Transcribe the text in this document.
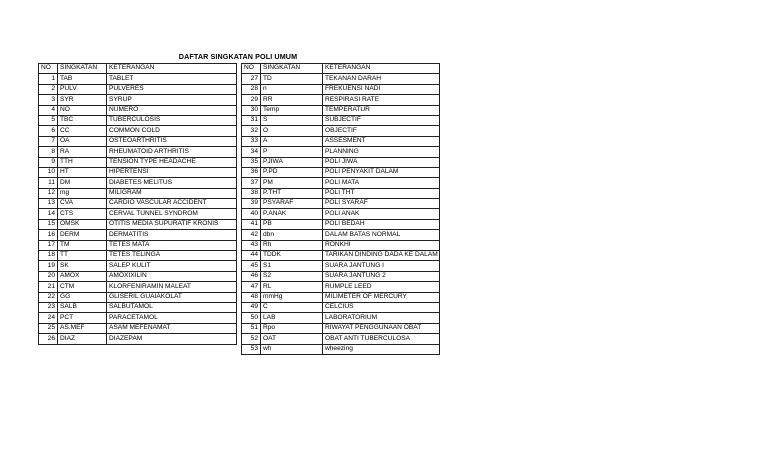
DAFTAR SINGKATAN POLI UMUM
NO	SINGKATAN	KETERANGAN
1	TAB	TABLET
2	PULV	PULVERES
3	SYR	SYRUP
4	NO	NUMERO
5	TBC	TUBERCULOSIS
6	CC	COMMON COLD
7	OA	OSTEOARTHRITIS
8	RA	RHEUMATOID ARTHRITIS
9	TTH	TENSION TYPE HEADACHE
10	HT	HIPERTENSI
11	DM	DIABETES MELITUS
12	mg	MILIGRAM
13	CVA	CARDIO VASCULAR ACCIDENT
14	CTS	CERVAL TUNNEL SYNDROM
15	OMSK	OTITIS MEDIA SUPURATIF KRONIS
16	DERM	DERMATITIS
17	TM	TETES MATA
18	TT	TETES TELINGA
19	SK	SALEP KULIT
20	AMOX	AMOXIXILIN
21	CTM	KLORFENIRAMIN MALEAT
22	GG	GLISERIL GUAIAKOLAT
23	SALB	SALBUTAMOL
24	PCT	PARACETAMOL
25	AS.MEF	ASAM MEFENAMAT
26	DIAZ	DIAZEPAM
NO	SINGKATAN	KETERANGAN
27	TD	TEKANAN DARAH
28	n	FREKUENSI NADI
29	RR	RESPIRASI RATE
30	Temp	TEMPERATUR
31	S	SUBJECTIF
32	O	OBJECTIF
33	A	ASSESMENT
34	P	PLANNING
35	PJIWA	POLI JIWA
36	P.PD	POLI PENYAKIT DALAM
37	PM	POLI MATA
38	P.THT	POLI THT
39	PSYARAF	POLI SYARAF
40	P.ANAK	POLI ANAK
41	PB	POLI BEDAH
42	dbn	DALAM BATAS NORMAL
43	Rh	RONKHI
44	TDDK	TARIKAN DINDING DADA KE DALAM
45	S1	SUARA JANTUNG I
46	S2	SUARA JANTUNG 2
47	RL	RUMPLE LEED
48	mmHg	MILIMETER OF MERCURY
49	C	CELCIUS
50	LAB	LABORATORIUM
51	Rpo	RIWAYAT PENGGUNAAN OBAT
52	OAT	OBAT ANTI TUBERCULOSA
53	wh	wheezing
